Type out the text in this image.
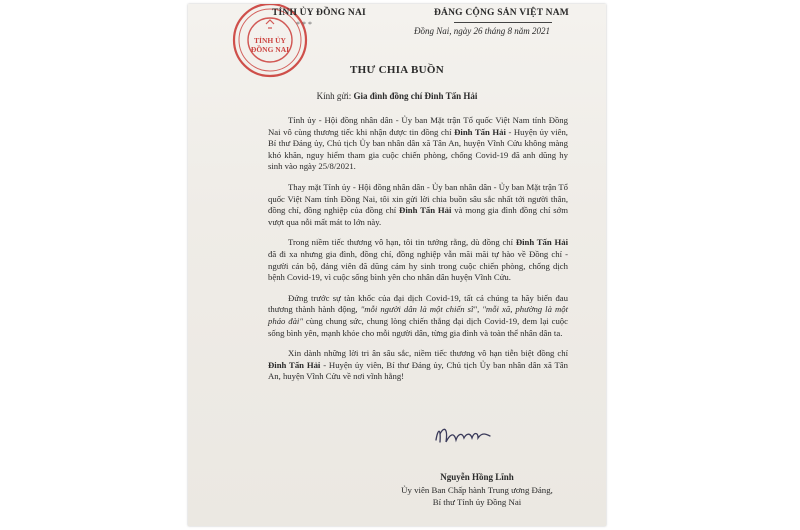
TỈNH ỦY
ĐỒNG NAI
TỈNH ỦY ĐỒNG NAI
* * *
ĐẢNG CỘNG SẢN VIỆT NAM
Đồng Nai, ngày 26 tháng 8 năm 2021
THƯ CHIA BUỒN
Kính gửi: Gia đình đồng chí Đinh Tấn Hải

Tỉnh ủy - Hội đồng nhân dân - Ủy ban Mặt trận Tổ quốc Việt Nam tỉnh Đồng Nai vô cùng thương tiếc khi nhận được tin đồng chí Đinh Tấn Hải - Huyện ủy viên, Bí thư Đảng ủy, Chủ tịch Ủy ban nhân dân xã Tân An, huyện Vĩnh Cửu không màng khó khăn, nguy hiểm tham gia cuộc chiến phòng, chống Covid-19 đã anh dũng hy sinh vào ngày 25/8/2021.

Thay mặt Tỉnh ủy - Hội đồng nhân dân - Ủy ban nhân dân - Ủy ban Mặt trận Tổ quốc Việt Nam tỉnh Đồng Nai, tôi xin gửi lời chia buồn sâu sắc nhất tới người thân, đồng chí, đồng nghiệp của đồng chí Đinh Tấn Hải và mong gia đình đồng chí sớm vượt qua nỗi mất mát to lớn này.

Trong niềm tiếc thương vô hạn, tôi tin tưởng rằng, dù đồng chí Đinh Tấn Hải đã đi xa nhưng gia đình, đồng chí, đồng nghiệp vẫn mãi mãi tự hào về Đồng chí - người cán bộ, đảng viên đã dũng cảm hy sinh trong cuộc chiến phòng, chống dịch bệnh Covid-19, vì cuộc sống bình yên cho nhân dân huyện Vĩnh Cửu.

Đứng trước sự tàn khốc của đại dịch Covid-19, tất cả chúng ta hãy biến đau thương thành hành động, "mỗi người dân là một chiến sĩ", "mỗi xã, phường là một pháo đài" cùng chung sức, chung lòng chiến thắng đại dịch Covid-19, đem lại cuộc sống bình yên, mạnh khỏe cho mỗi người dân, từng gia đình và toàn thể nhân dân ta.

Xin dành những lời tri ân sâu sắc, niềm tiếc thương vô hạn tiễn biệt đồng chí Đinh Tấn Hải - Huyện ủy viên, Bí thư Đảng ủy, Chủ tịch Ủy ban nhân dân xã Tân An, huyện Vĩnh Cửu về nơi vĩnh hằng!

Nguyễn Hồng Lĩnh
Ủy viên Ban Chấp hành Trung ương Đảng,
Bí thư Tỉnh ủy Đồng Nai
